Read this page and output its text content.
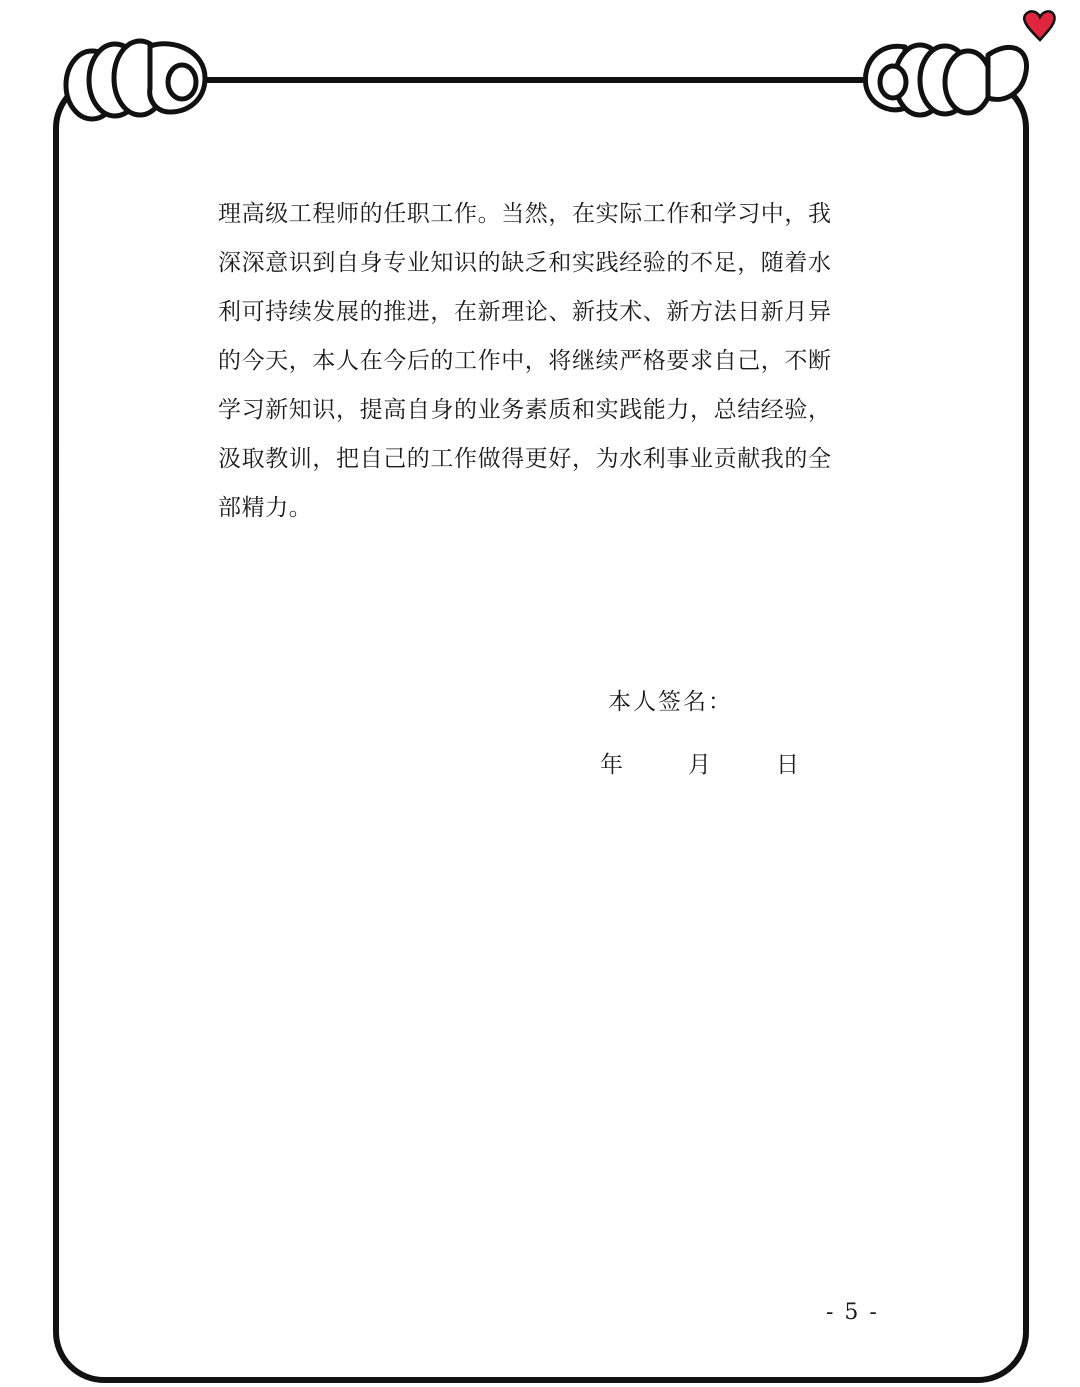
理高级工程师的任职工作。当然，在实际工作和学习中，我
深深意识到自身专业知识的缺乏和实践经验的不足，随着水
利可持续发展的推进，在新理论、新技术、新方法日新月异
的今天，本人在今后的工作中，将继续严格要求自己，不断
学习新知识，提高自身的业务素质和实践能力，总结经验，
汲取教训，把自己的工作做得更好，为水利事业贡献我的全
部精力。
本人签名：
年	月	日
- 5 -
